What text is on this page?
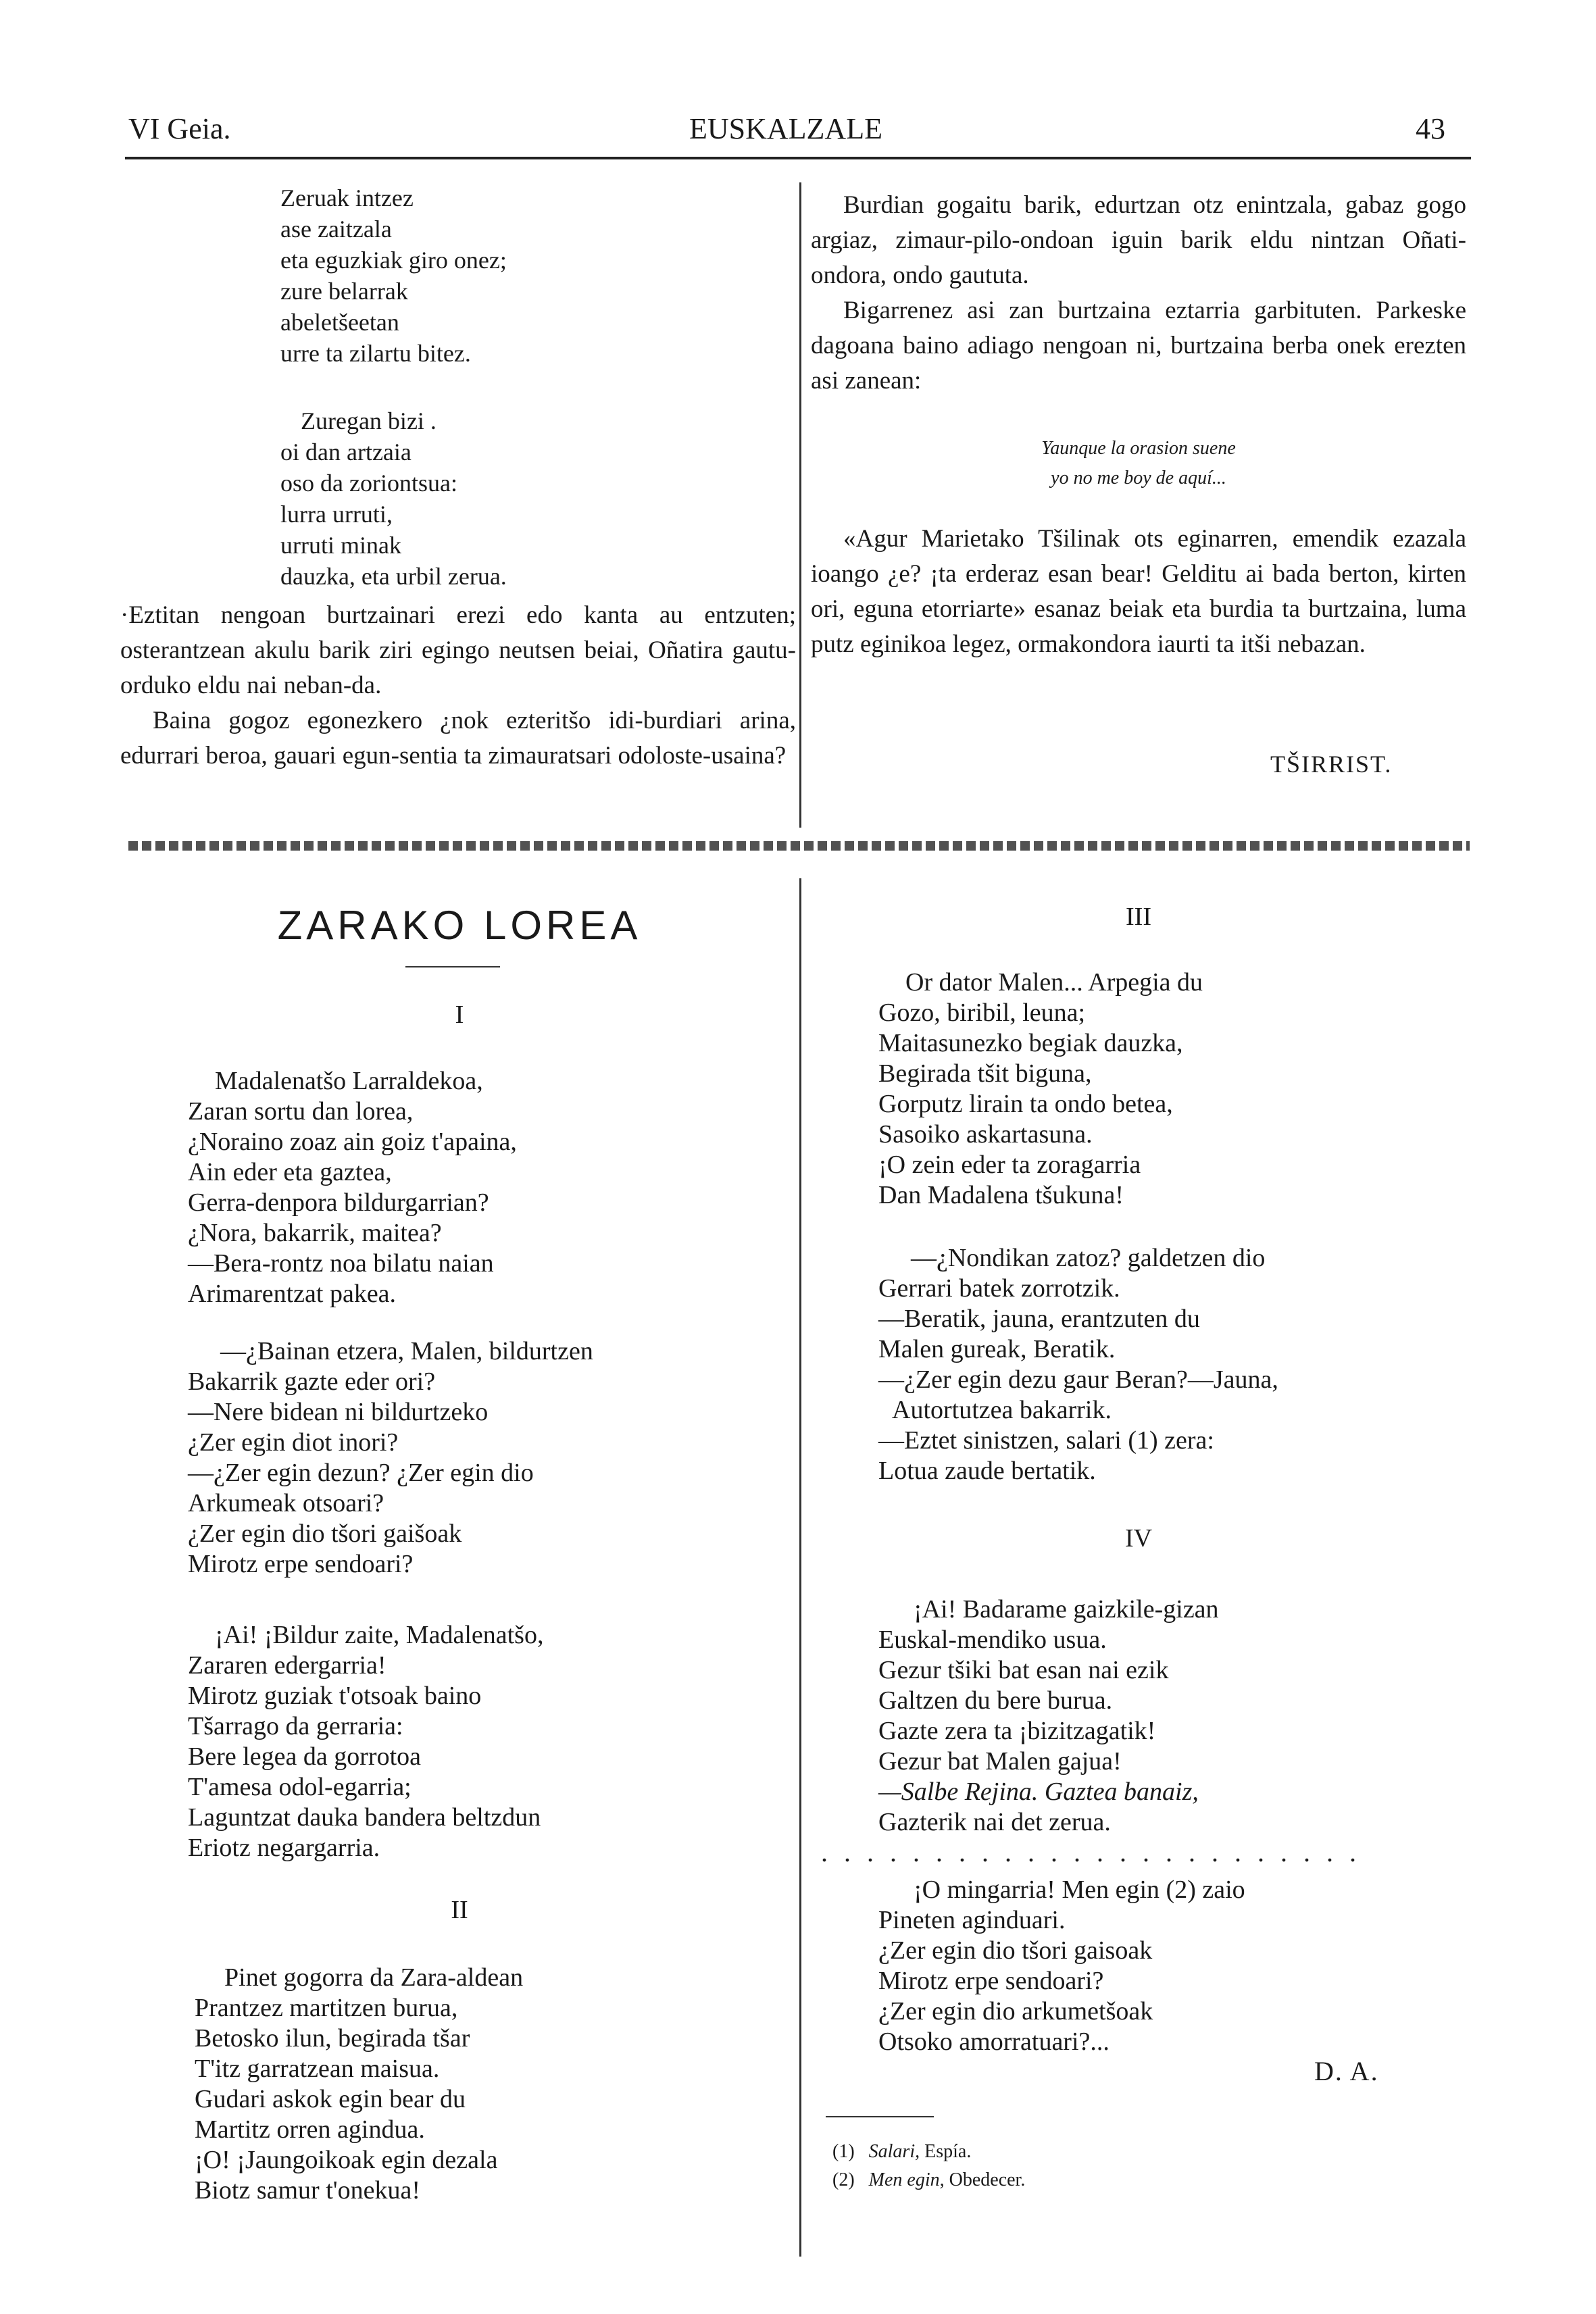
VI Geia.	EUSKALZALE	43
Zeruak intzez
ase zaitzala
eta eguzkiak giro onez;
zure belarrak
abeletšeetan
urre ta zilartu bitez.
Zuregan bizi .
oi dan artzaia
oso da zoriontsua:
lurra urruti,
urruti minak
dauzka, eta urbil zerua.

·Eztitan nengoan burtzainari erezi edo kanta au entzuten; osterantzean akulu barik ziri egingo neutsen beiai, Oñatira gautu-orduko eldu nai neban-da.

Baina gogoz egonezkero ¿nok ezteritšo idi-burdiari arina, edurrari beroa, gauari egun-sentia ta zimauratsari odoloste-usaina?

Burdian gogaitu barik, edurtzan otz enintzala, gabaz gogo argiaz, zimaur-pilo-ondoan iguin barik eldu nintzan Oñati-ondora, ondo gaututa.

Bigarrenez asi zan burtzaina eztarria garbituten. Parkeske dagoana baino adiago nengoan ni, burtzaina berba onek erezten asi zanean:

Yaunque la orasion suene
yo no me boy de aquí...

«Agur Marietako Tšilinak ots eginarren, emendik ezazala ioango ¿e? ¡ta erderaz esan bear! Gelditu ai bada berton, kirten ori, eguna etorriarte» esanaz beiak eta burdia ta burtzaina, luma putz eginikoa legez, ormakondora iaurti ta itši nebazan.

TŠIRRIST.
ZARAKO LOREA
I
Madalenatšo Larraldekoa,
Zaran sortu dan lorea,
¿Noraino zoaz ain goiz t'apaina,
Ain eder eta gaztea,
Gerra-denpora bildurgarrian?
¿Nora, bakarrik, maitea?
—Bera-rontz noa bilatu naian
Arimarentzat pakea.
—¿Bainan etzera, Malen, bildurtzen
Bakarrik gazte eder ori?
—Nere bidean ni bildurtzeko
¿Zer egin diot inori?
—¿Zer egin dezun? ¿Zer egin dio
Arkumeak otsoari?
¿Zer egin dio tšori gaišoak
Mirotz erpe sendoari?
¡Ai! ¡Bildur zaite, Madalenatšo,
Zararen edergarria!
Mirotz guziak t'otsoak baino
Tšarrago da gerraria:
Bere legea da gorrotoa
T'amesa odol-egarria;
Laguntzat dauka bandera beltzdun
Eriotz negargarria.
II
Pinet gogorra da Zara-aldean
Prantzez martitzen burua,
Betosko ilun, begirada tšar
T'itz garratzean maisua.
Gudari askok egin bear du
Martitz orren agindua.
¡O! ¡Jaungoikoak egin dezala
Biotz samur t'onekua!
III
Or dator Malen... Arpegia du
Gozo, biribil, leuna;
Maitasunezko begiak dauzka,
Begirada tšit biguna,
Gorputz lirain ta ondo betea,
Sasoiko askartasuna.
¡O zein eder ta zoragarria
Dan Madalena tšukuna!
—¿Nondikan zatoz? galdetzen dio
Gerrari batek zorrotzik.
—Beratik, jauna, erantzuten du
Malen gureak, Beratik.
—¿Zer egin dezu gaur Beran?—Jauna,
Autortutzea bakarrik.
—Eztet sinistzen, salari (1) zera:
Lotua zaude bertatik.
IV
¡Ai! Badarame gaizkile-gizan
Euskal-mendiko usua.
Gezur tšiki bat esan nai ezik
Galtzen du bere burua.
Gazte zera ta ¡bizitzagatik!
Gezur bat Malen gajua!
—Salbe Rejina. Gaztea banaiz,
Gazterik nai det zerua.
........................
¡O mingarria! Men egin (2) zaio
Pineten aginduari.
¿Zer egin dio tšori gaisoak
Mirotz erpe sendoari?
¿Zer egin dio arkumetšoak
Otsoko amorratuari?...
D. A.
(1) Salari, Espía.
(2) Men egin, Obedecer.
